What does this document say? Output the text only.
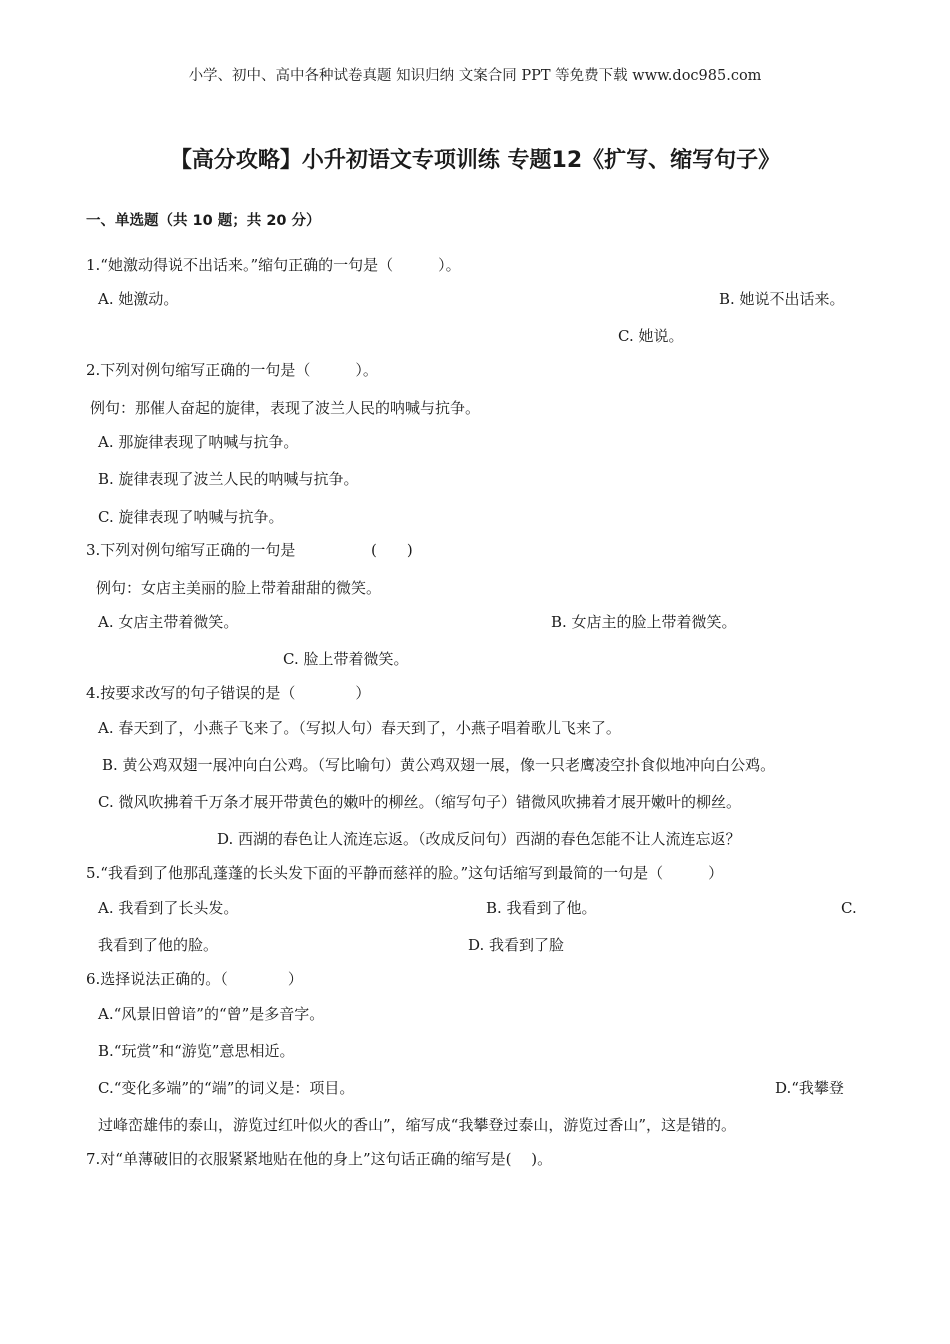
小学、初中、高中各种试卷真题 知识归纳 文案合同 PPT 等免费下载 www.doc985.com
【高分攻略】小升初语文专项训练 专题12《扩写、缩写句子》
一、单选题（共 10 题；共 20 分）
1.“她激动得说不出话来。”缩句正确的一句是（　　　）。
A. 她激动。	B. 她说不出话来。
C. 她说。
2.下列对例句缩写正确的一句是（　　　）。
例句：那催人奋起的旋律，表现了波兰人民的呐喊与抗争。
A. 那旋律表现了呐喊与抗争。
B. 旋律表现了波兰人民的呐喊与抗争。
C. 旋律表现了呐喊与抗争。
3.下列对例句缩写正确的一句是	(　　)
例句：女店主美丽的脸上带着甜甜的微笑。
A. 女店主带着微笑。	B. 女店主的脸上带着微笑。
C. 脸上带着微笑。
4.按要求改写的句子错误的是（　　　　）
A. 春天到了，小燕子飞来了。（写拟人句）春天到了，小燕子唱着歌儿飞来了。
B. 黄公鸡双翅一展冲向白公鸡。（写比喻句）黄公鸡双翅一展，像一只老鹰凌空扑食似地冲向白公鸡。
C. 微风吹拂着千万条才展开带黄色的嫩叶的柳丝。（缩写句子）错微风吹拂着才展开嫩叶的柳丝。
D. 西湖的春色让人流连忘返。（改成反问句）西湖的春色怎能不让人流连忘返？
5.“我看到了他那乱蓬蓬的长头发下面的平静而慈祥的脸。”这句话缩写到最简的一句是（　　　）
A. 我看到了长头发。	B. 我看到了他。	C.
我看到了他的脸。	D. 我看到了脸
6.选择说法正确的。（　　　　）
A.“风景旧曾谙”的“曾”是多音字。
B.“玩赏”和“游览”意思相近。
C.“变化多端”的“端”的词义是：项目。	D.“我攀登
过峰峦雄伟的泰山，游览过红叶似火的香山”，缩写成“我攀登过泰山，游览过香山”，这是错的。
7.对“单薄破旧的衣服紧紧地贴在他的身上”这句话正确的缩写是(　 )。
